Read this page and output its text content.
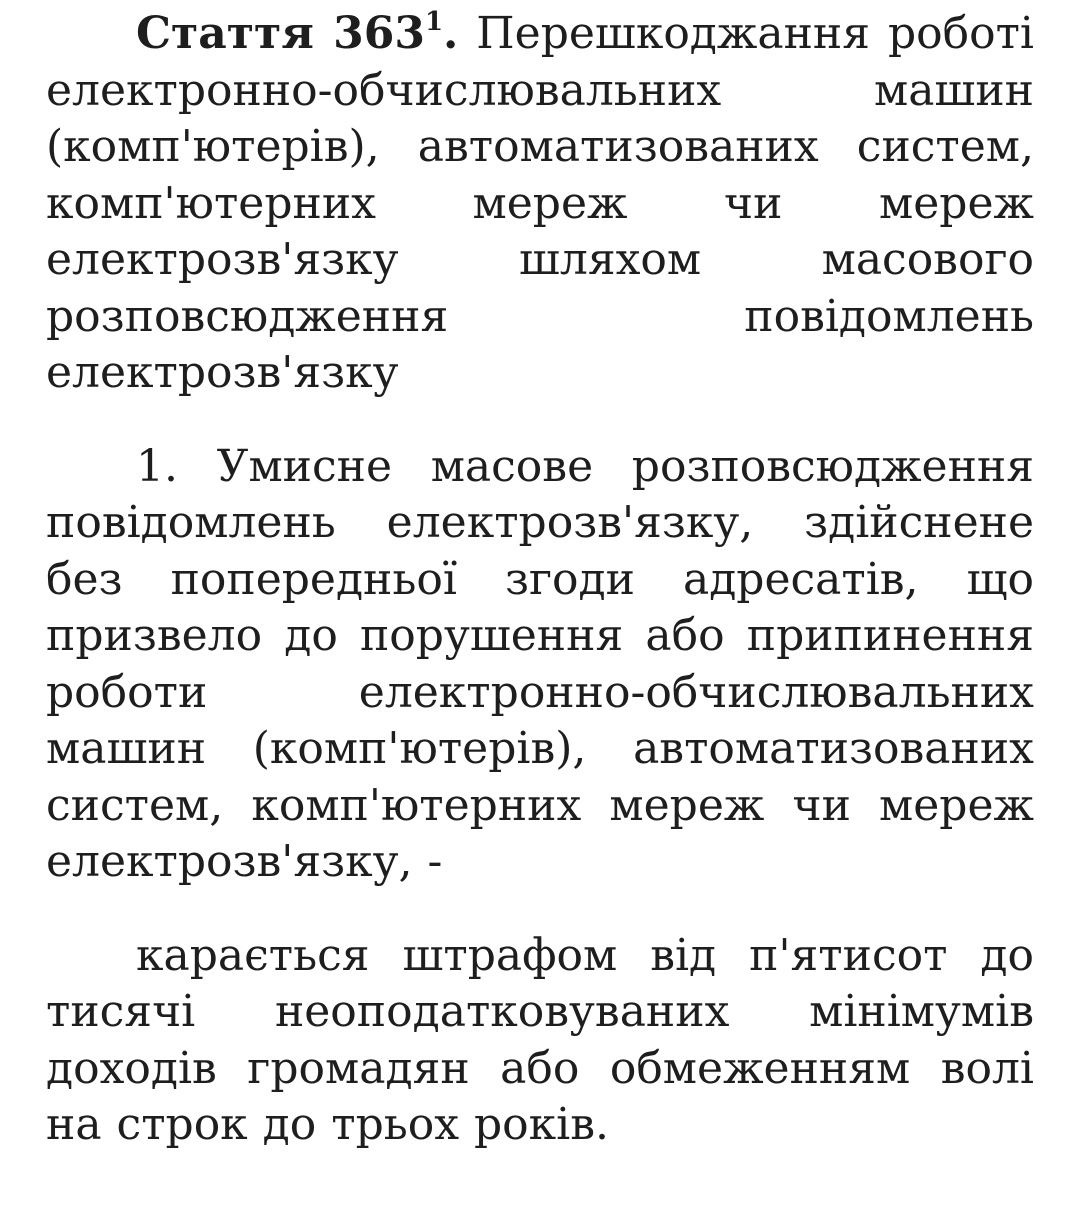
Стаття $363^1$. Перешкоджання роботі електронно-обчислювальних машин (комп'ютерів), автоматизованих систем, комп'ютерних мереж чи мереж електрозв'язку шляхом масового розповсюдження повідомлень електрозв'язку

1. Умисне масове розповсюдження повідомлень електрозв'язку, здійснене без попередньої згоди адресатів, що призвело до порушення або припинення роботи електронно-обчислювальних машин (комп'ютерів), автоматизованих систем, комп'ютерних мереж чи мереж електрозв'язку, -

карається штрафом від п'ятисот до тисячі неоподатковуваних мінімумів доходів громадян або обмеженням волі на строк до трьох років.
